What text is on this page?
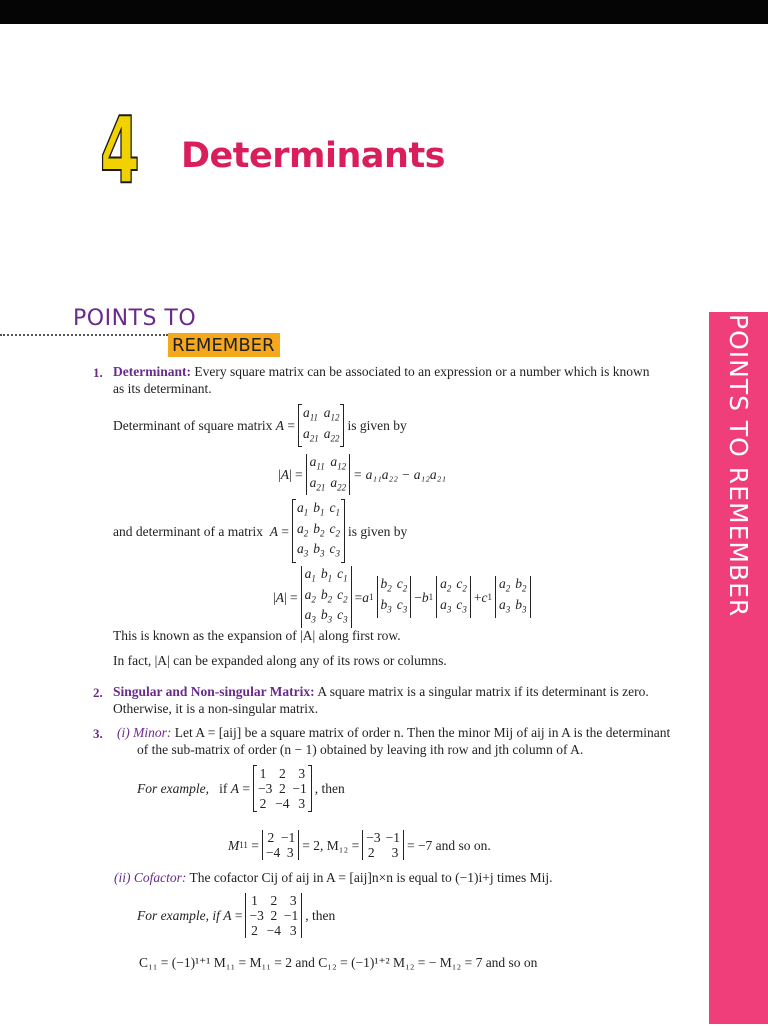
4 Determinants
POINTS TO
REMEMBER	POINTS TO REMEMBER
1. Determinant: Every square matrix can be associated to an expression or a number which is known
as its determinant.
Determinant of square matrix
A =
$a_{11}$ $a_{12}$
$a_{21}$ $a_{22}$
is given by
| A | =
$a_{11}$ $a_{12}$
$a_{21}$ $a_{22}$
= a₁₁a₂₂ − a₁₂a₂₁
and determinant of a matrix
A =
$a_1$ $b_1$ $c_1$
$a_2$ $b_2$ $c_2$
$a_3$ $b_3$ $c_3$
is given by
| A | =
$a_1$ $b_1$ $c_1$
$a_2$ $b_2$ $c_2$
$a_3$ $b_3$ $c_3$
= a 1
$b_2$ $c_2$
$b_3$ $c_3$
− b 1
$a_2$ $c_2$
$a_3$ $c_3$
+ c 1
$a_2$ $b_2$
$a_3$ $b_3$
This is known as the expansion of |A| along first row.
In fact, |A| can be expanded along any of its rows or columns.
2. Singular and Non-singular Matrix: A square matrix is a singular matrix if its determinant is zero.
Otherwise, it is a non-singular matrix.
3. (i) Minor: Let A = [aij] be a square matrix of order n. Then the minor Mij of aij in A is the determinant
of the sub-matrix of order (n − 1) obtained by leaving ith row and jth column of A.
For example,
if
A =
1 2 3
−3 2 −1
2 −4 3
, then
M 11 = 2 −1
−4 3 = 2, M₁₂ = −3 −1
2 3 = −7 and so on.
(ii) Cofactor: The cofactor Cij of aij in A = [aij]n×n is equal to (−1)i+j times Mij.
For example, if
A =
1 2 3
−3 2 −1
2 −4 3
, then
C₁₁ = (−1)¹⁺¹ M₁₁ = M₁₁ = 2 and C₁₂ = (−1)¹⁺² M₁₂ = − M₁₂ = 7 and so on
